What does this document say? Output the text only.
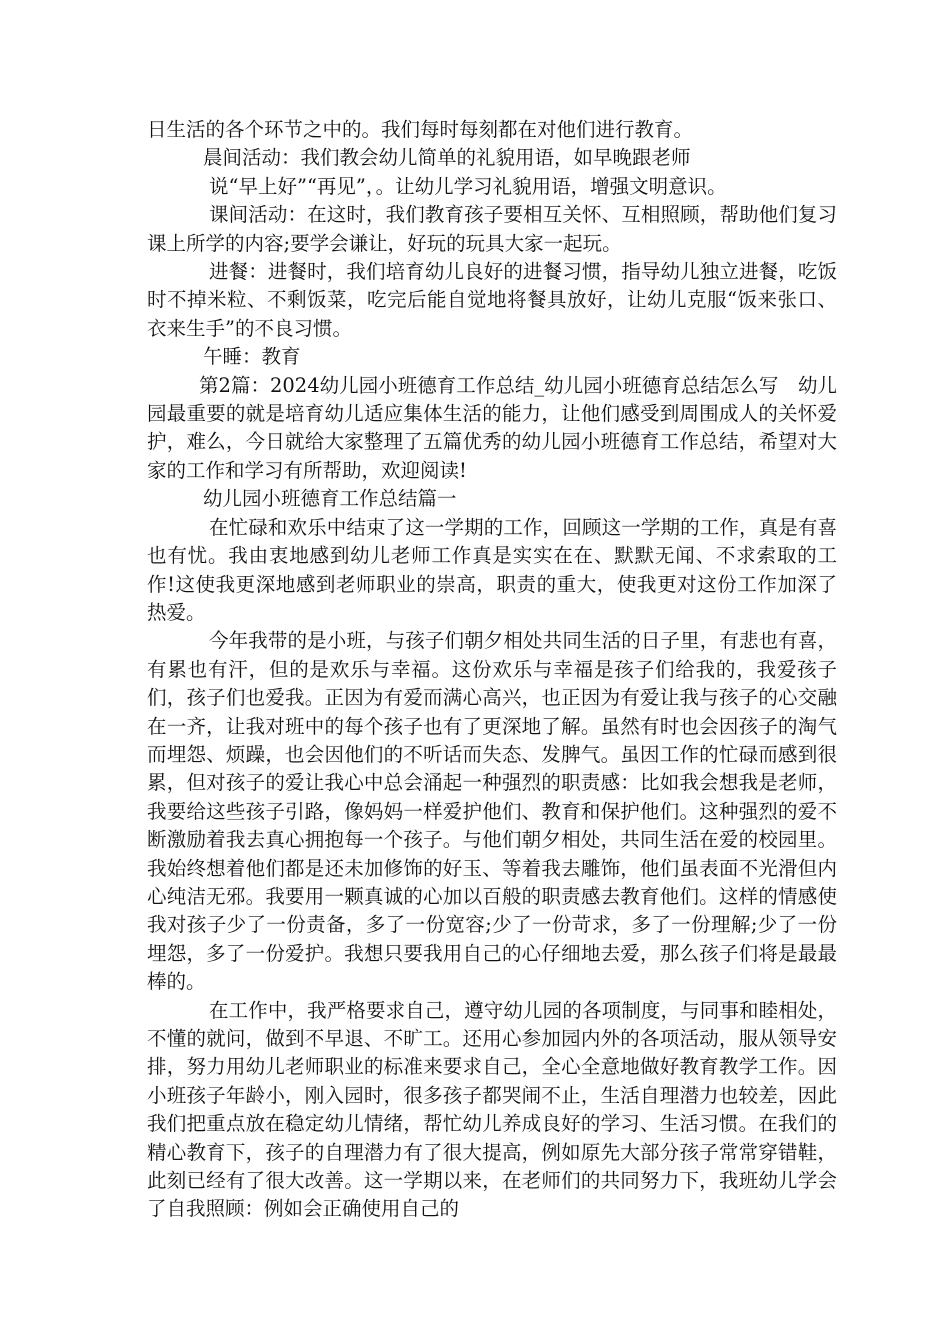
日生活的各个环节之中的。我们每时每刻都在对他们进行教育。

晨间活动：我们教会幼儿简单的礼貌用语，如早晚跟老师

说“早上好”“再见”，。让幼儿学习礼貌用语，增强文明意识。

课间活动：在这时，我们教育孩子要相互关怀、互相照顾，帮助他们复习课上所学的内容;要学会谦让，好玩的玩具大家一起玩。

进餐：进餐时，我们培育幼儿良好的进餐习惯，指导幼儿独立进餐，吃饭时不掉米粒、不剩饭菜，吃完后能自觉地将餐具放好，让幼儿克服“饭来张口、衣来生手”的不良习惯。

午睡：教育

第2篇：2024幼儿园小班德育工作总结_幼儿园小班德育总结怎么写　幼儿园最重要的就是培育幼儿适应集体生活的能力，让他们感受到周围成人的关怀爱护，难么，今日就给大家整理了五篇优秀的幼儿园小班德育工作总结，希望对大家的工作和学习有所帮助，欢迎阅读!

幼儿园小班德育工作总结篇一

在忙碌和欢乐中结束了这一学期的工作，回顾这一学期的工作，真是有喜也有忧。我由衷地感到幼儿老师工作真是实实在在、默默无闻、不求索取的工作!这使我更深地感到老师职业的崇高，职责的重大，使我更对这份工作加深了热爱。

今年我带的是小班，与孩子们朝夕相处共同生活的日子里，有悲也有喜，有累也有汗，但的是欢乐与幸福。这份欢乐与幸福是孩子们给我的，我爱孩子们，孩子们也爱我。正因为有爱而满心高兴，也正因为有爱让我与孩子的心交融在一齐，让我对班中的每个孩子也有了更深地了解。虽然有时也会因孩子的淘气而埋怨、烦躁，也会因他们的不听话而失态、发脾气。虽因工作的忙碌而感到很累，但对孩子的爱让我心中总会涌起一种强烈的职责感：比如我会想我是老师，我要给这些孩子引路，像妈妈一样爱护他们、教育和保护他们。这种强烈的爱不断激励着我去真心拥抱每一个孩子。与他们朝夕相处，共同生活在爱的校园里。我始终想着他们都是还未加修饰的好玉、等着我去雕饰，他们虽表面不光滑但内心纯洁无邪。我要用一颗真诚的心加以百般的职责感去教育他们。这样的情感使我对孩子少了一份责备，多了一份宽容;少了一份苛求，多了一份理解;少了一份埋怨，多了一份爱护。我想只要我用自己的心仔细地去爱，那么孩子们将是最最棒的。

在工作中，我严格要求自己，遵守幼儿园的各项制度，与同事和睦相处，不懂的就问，做到不早退、不旷工。还用心参加园内外的各项活动，服从领导安排，努力用幼儿老师职业的标准来要求自己，全心全意地做好教育教学工作。因小班孩子年龄小，刚入园时，很多孩子都哭闹不止，生活自理潜力也较差，因此我们把重点放在稳定幼儿情绪，帮忙幼儿养成良好的学习、生活习惯。在我们的精心教育下，孩子的自理潜力有了很大提高，例如原先大部分孩子常常穿错鞋，此刻已经有了很大改善。这一学期以来，在老师们的共同努力下，我班幼儿学会了自我照顾：例如会正确使用自己的
